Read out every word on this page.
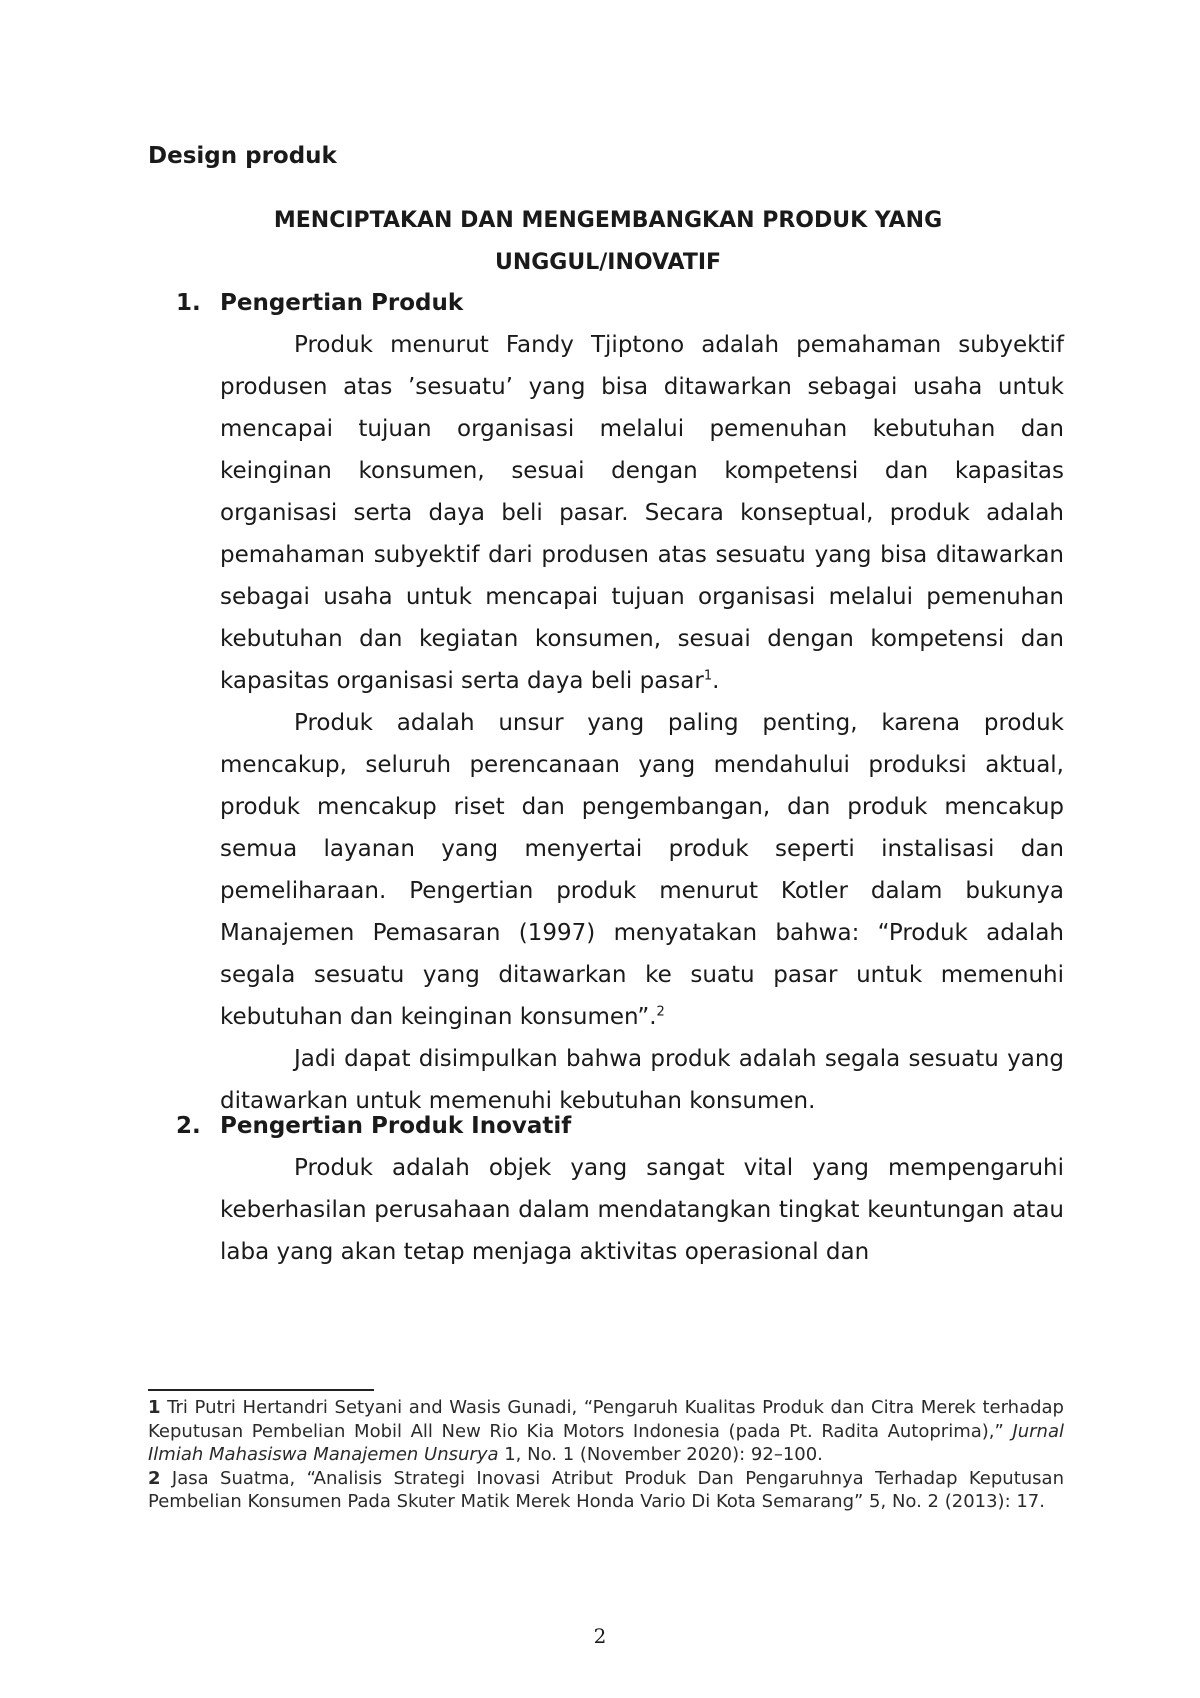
Design produk
MENCIPTAKAN DAN MENGEMBANGKAN PRODUK YANG
UNGGUL/INOVATIF
1. Pengertian Produk

Produk menurut Fandy Tjiptono adalah pemahaman subyektif produsen atas ’sesuatu’ yang bisa ditawarkan sebagai usaha untuk mencapai tujuan organisasi melalui pemenuhan kebutuhan dan keinginan konsumen, sesuai dengan kompetensi dan kapasitas organisasi serta daya beli pasar. Secara konseptual, produk adalah pemahaman subyektif dari produsen atas sesuatu yang bisa ditawarkan sebagai usaha untuk mencapai tujuan organisasi melalui pemenuhan kebutuhan dan kegiatan konsumen, sesuai dengan kompetensi dan kapasitas organisasi serta daya beli pasar$^1$.

Produk adalah unsur yang paling penting, karena produk mencakup, seluruh perencanaan yang mendahului produksi aktual, produk mencakup riset dan pengembangan, dan produk mencakup semua layanan yang menyertai produk seperti instalisasi dan pemeliharaan. Pengertian produk menurut Kotler dalam bukunya Manajemen Pemasaran (1997) menyatakan bahwa: “Produk adalah segala sesuatu yang ditawarkan ke suatu pasar untuk memenuhi kebutuhan dan keinginan konsumen”.$^2$

Jadi dapat disimpulkan bahwa produk adalah segala sesuatu yang ditawarkan untuk memenuhi kebutuhan konsumen.

2. Pengertian Produk Inovatif

Produk adalah objek yang sangat vital yang mempengaruhi keberhasilan perusahaan dalam mendatangkan tingkat keuntungan atau laba yang akan tetap menjaga aktivitas operasional dan

1 Tri Putri Hertandri Setyani and Wasis Gunadi, “Pengaruh Kualitas Produk dan Citra Merek terhadap Keputusan Pembelian Mobil All New Rio Kia Motors Indonesia (pada Pt. Radita Autoprima),” Jurnal Ilmiah Mahasiswa Manajemen Unsurya 1, No. 1 (November 2020): 92–100.

2 Jasa Suatma, “Analisis Strategi Inovasi Atribut Produk Dan Pengaruhnya Terhadap Keputusan Pembelian Konsumen Pada Skuter Matik Merek Honda Vario Di Kota Semarang” 5, No. 2 (2013): 17.

2
